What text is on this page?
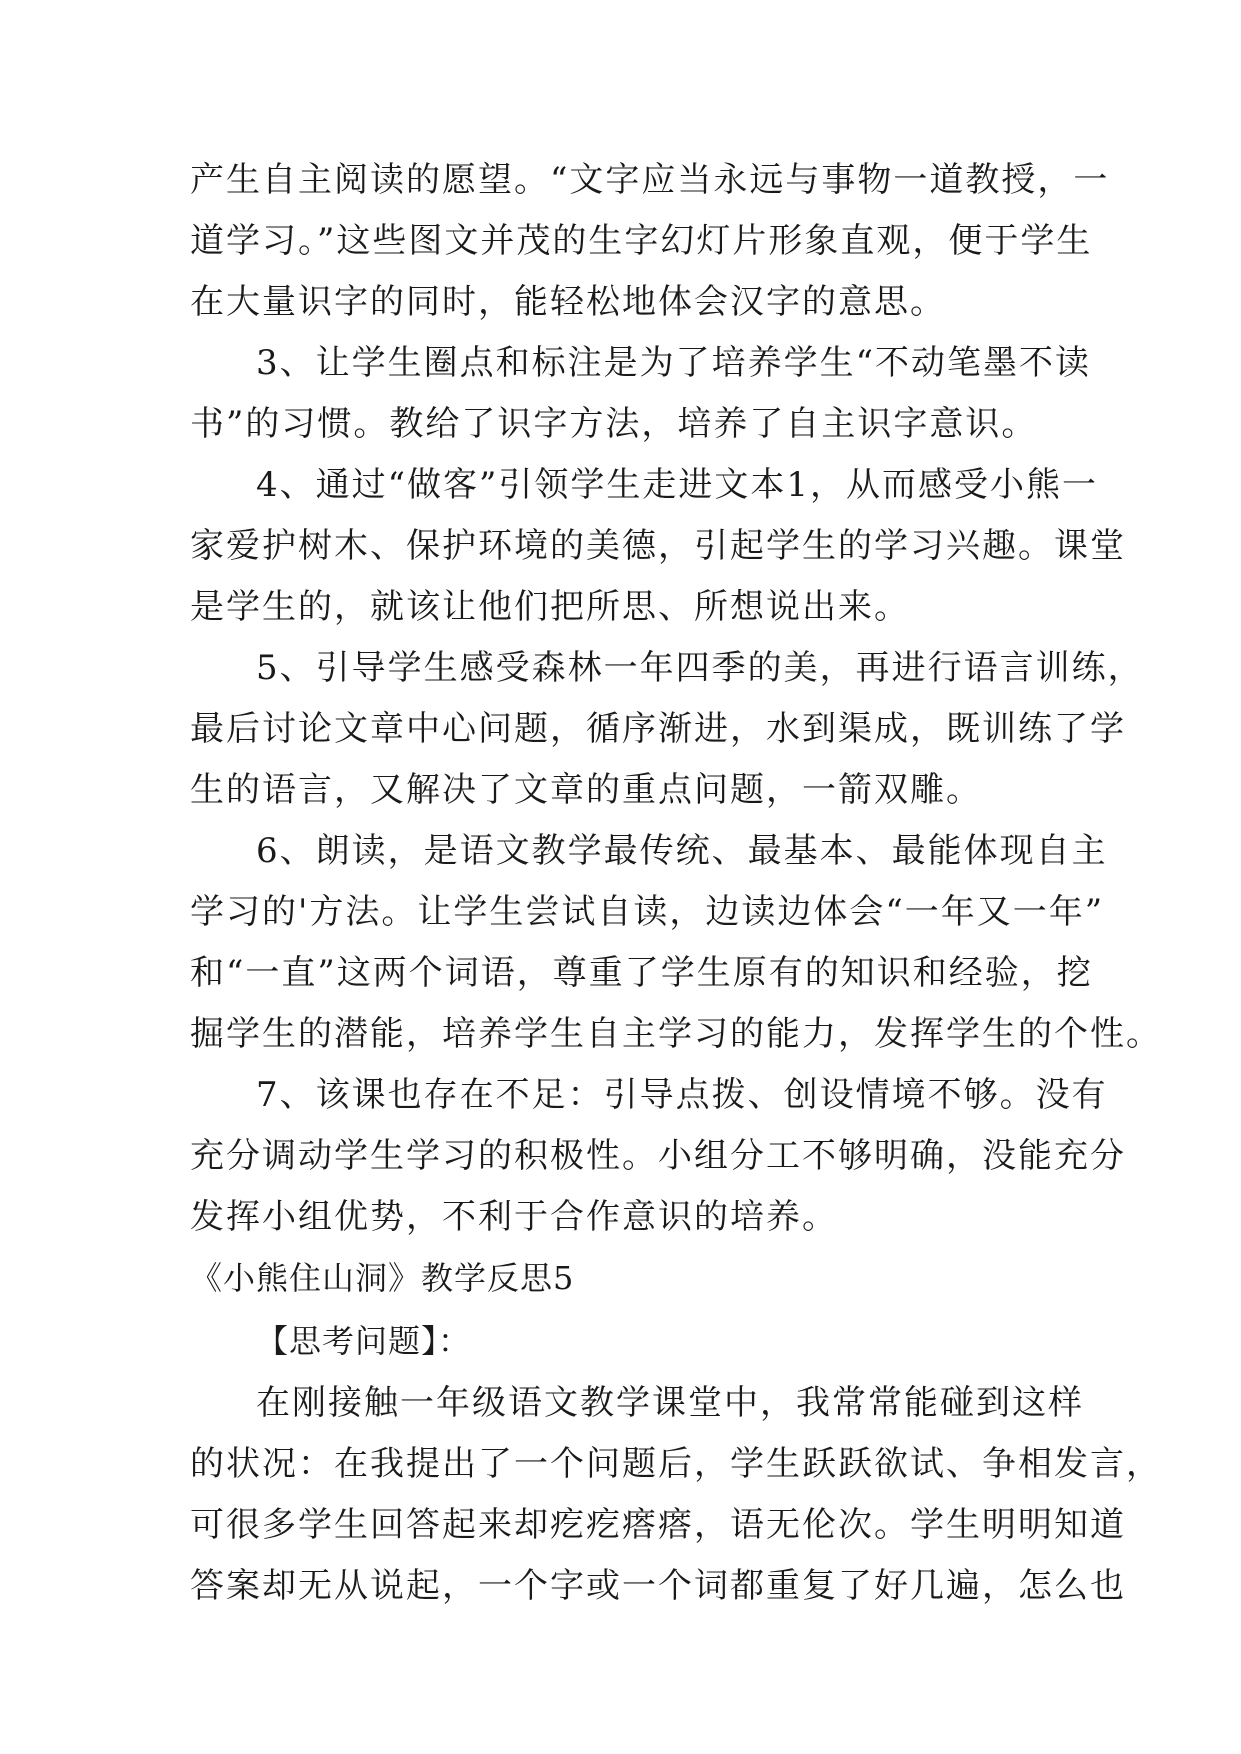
产生自主阅读的愿望。“文字应当永远与事物一道教授，一
道学习。”这些图文并茂的生字幻灯片形象直观，便于学生
在大量识字的同时，能轻松地体会汉字的意思。
3、让学生圈点和标注是为了培养学生“不动笔墨不读
书”的习惯。教给了识字方法，培养了自主识字意识。
4、通过“做客”引领学生走进文本1，从而感受小熊一
家爱护树木、保护环境的美德，引起学生的学习兴趣。课堂
是学生的，就该让他们把所思、所想说出来。
5、引导学生感受森林一年四季的美，再进行语言训练，
最后讨论文章中心问题，循序渐进，水到渠成，既训练了学
生的语言，又解决了文章的重点问题，一箭双雕。
6、朗读，是语文教学最传统、最基本、最能体现自主
学习的'方法。让学生尝试自读，边读边体会“一年又一年”
和“一直”这两个词语，尊重了学生原有的知识和经验，挖
掘学生的潜能，培养学生自主学习的能力，发挥学生的个性。
7、该课也存在不足：引导点拨、创设情境不够。没有
充分调动学生学习的积极性。小组分工不够明确，没能充分
发挥小组优势，不利于合作意识的培养。
《小熊住山洞》教学反思5
【思考问题】：
在刚接触一年级语文教学课堂中，我常常能碰到这样
的状况：在我提出了一个问题后，学生跃跃欲试、争相发言，
可很多学生回答起来却疙疙瘩瘩，语无伦次。学生明明知道
答案却无从说起，一个字或一个词都重复了好几遍，怎么也
